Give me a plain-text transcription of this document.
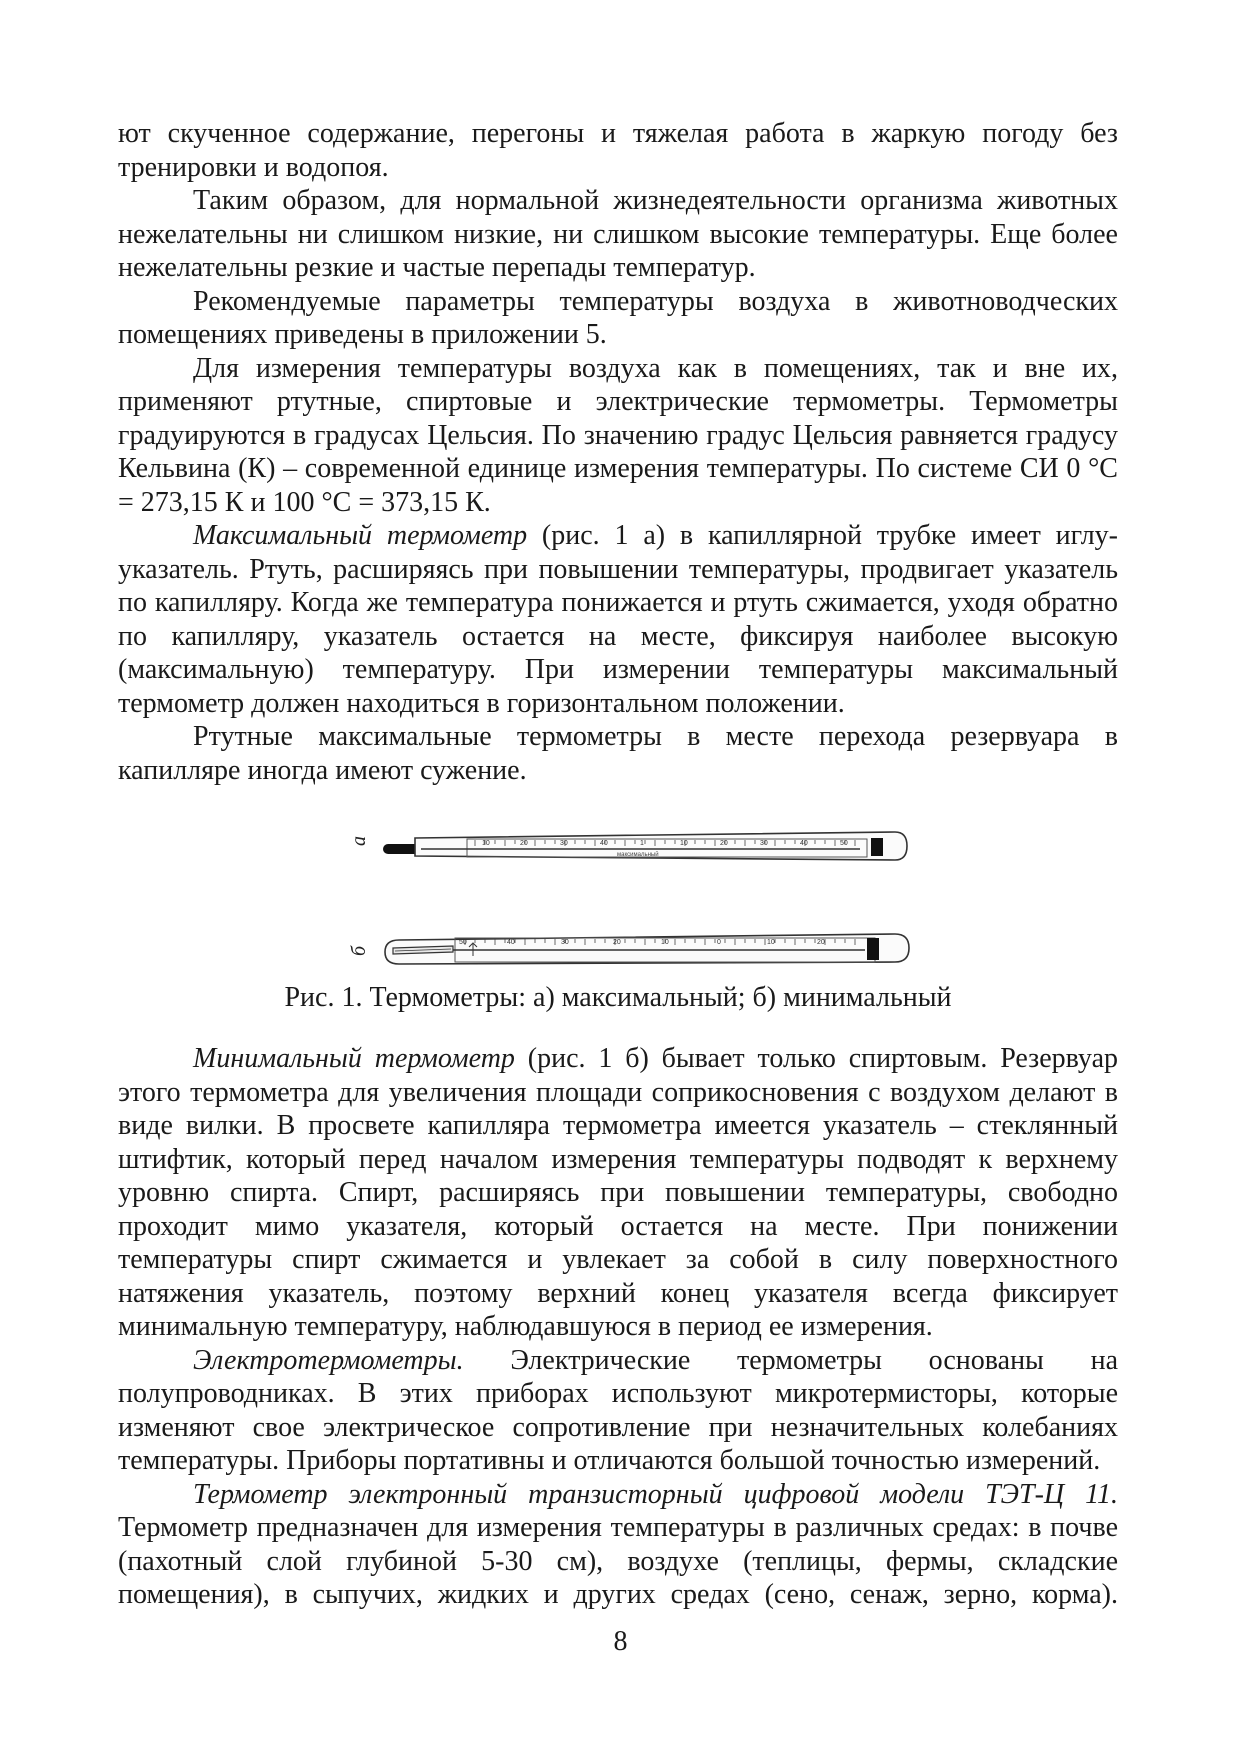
ют скученное содержание, перегоны и тяжелая работа в жаркую погоду без тренировки и водопоя.

Таким образом, для нормальной жизнедеятельности организма животных нежелательны ни слишком низкие, ни слишком высокие температуры. Еще более нежелательны резкие и частые перепады температур.

Рекомендуемые параметры температуры воздуха в животноводческих помещениях приведены в приложении 5.

Для измерения температуры воздуха как в помещениях, так и вне их, применяют ртутные, спиртовые и электрические термометры. Термометры градуируются в градусах Цельсия. По значению градус Цельсия равняется градусу Кельвина (К) – современной единице измерения температуры. По системе СИ 0 °С = 273,15 К и 100 °С = 373,15 К.

Максимальный термометр (рис. 1 а) в капиллярной трубке имеет иглу-указатель. Ртуть, расширяясь при повышении температуры, продвигает указатель по капилляру. Когда же температура понижается и ртуть сжимается, уходя обратно по капилляру, указатель остается на месте, фиксируя наиболее высокую (максимальную) температуру. При измерении температуры максимальный термометр должен находиться в горизонтальном положении.

Ртутные максимальные термометры в месте перехода резервуара в капилляре иногда имеют сужение.

а	10	20	30	40	1	10	20	30	40	50
максимальный
б
50	40	30	20	10	0	10	20
Рис. 1. Термометры: а) максимальный; б) минимальный

Минимальный термометр (рис. 1 б) бывает только спиртовым. Резервуар этого термометра для увеличения площади соприкосновения с воздухом делают в виде вилки. В просвете капилляра термометра имеется указатель – стеклянный штифтик, который перед началом измерения температуры подводят к верхнему уровню спирта. Спирт, расширяясь при повышении температуры, свободно проходит мимо указателя, который остается на месте. При понижении температуры спирт сжимается и увлекает за собой в силу поверхностного натяжения указатель, поэтому верхний конец указателя всегда фиксирует минимальную температуру, наблюдавшуюся в период ее измерения.

Электротермометры. Электрические термометры основаны на полупроводниках. В этих приборах используют микротермисторы, которые изменяют свое электрическое сопротивление при незначительных колебаниях температуры. Приборы портативны и отличаются большой точностью измерений.

Термометр электронный транзисторный цифровой модели ТЭТ-Ц 11. Термометр предназначен для измерения температуры в различных средах: в почве (пахотный слой глубиной 5-30 см), воздухе (теплицы, фермы, складские помещения), в сыпучих, жидких и других средах (сено, сенаж, зерно, корма).

8
